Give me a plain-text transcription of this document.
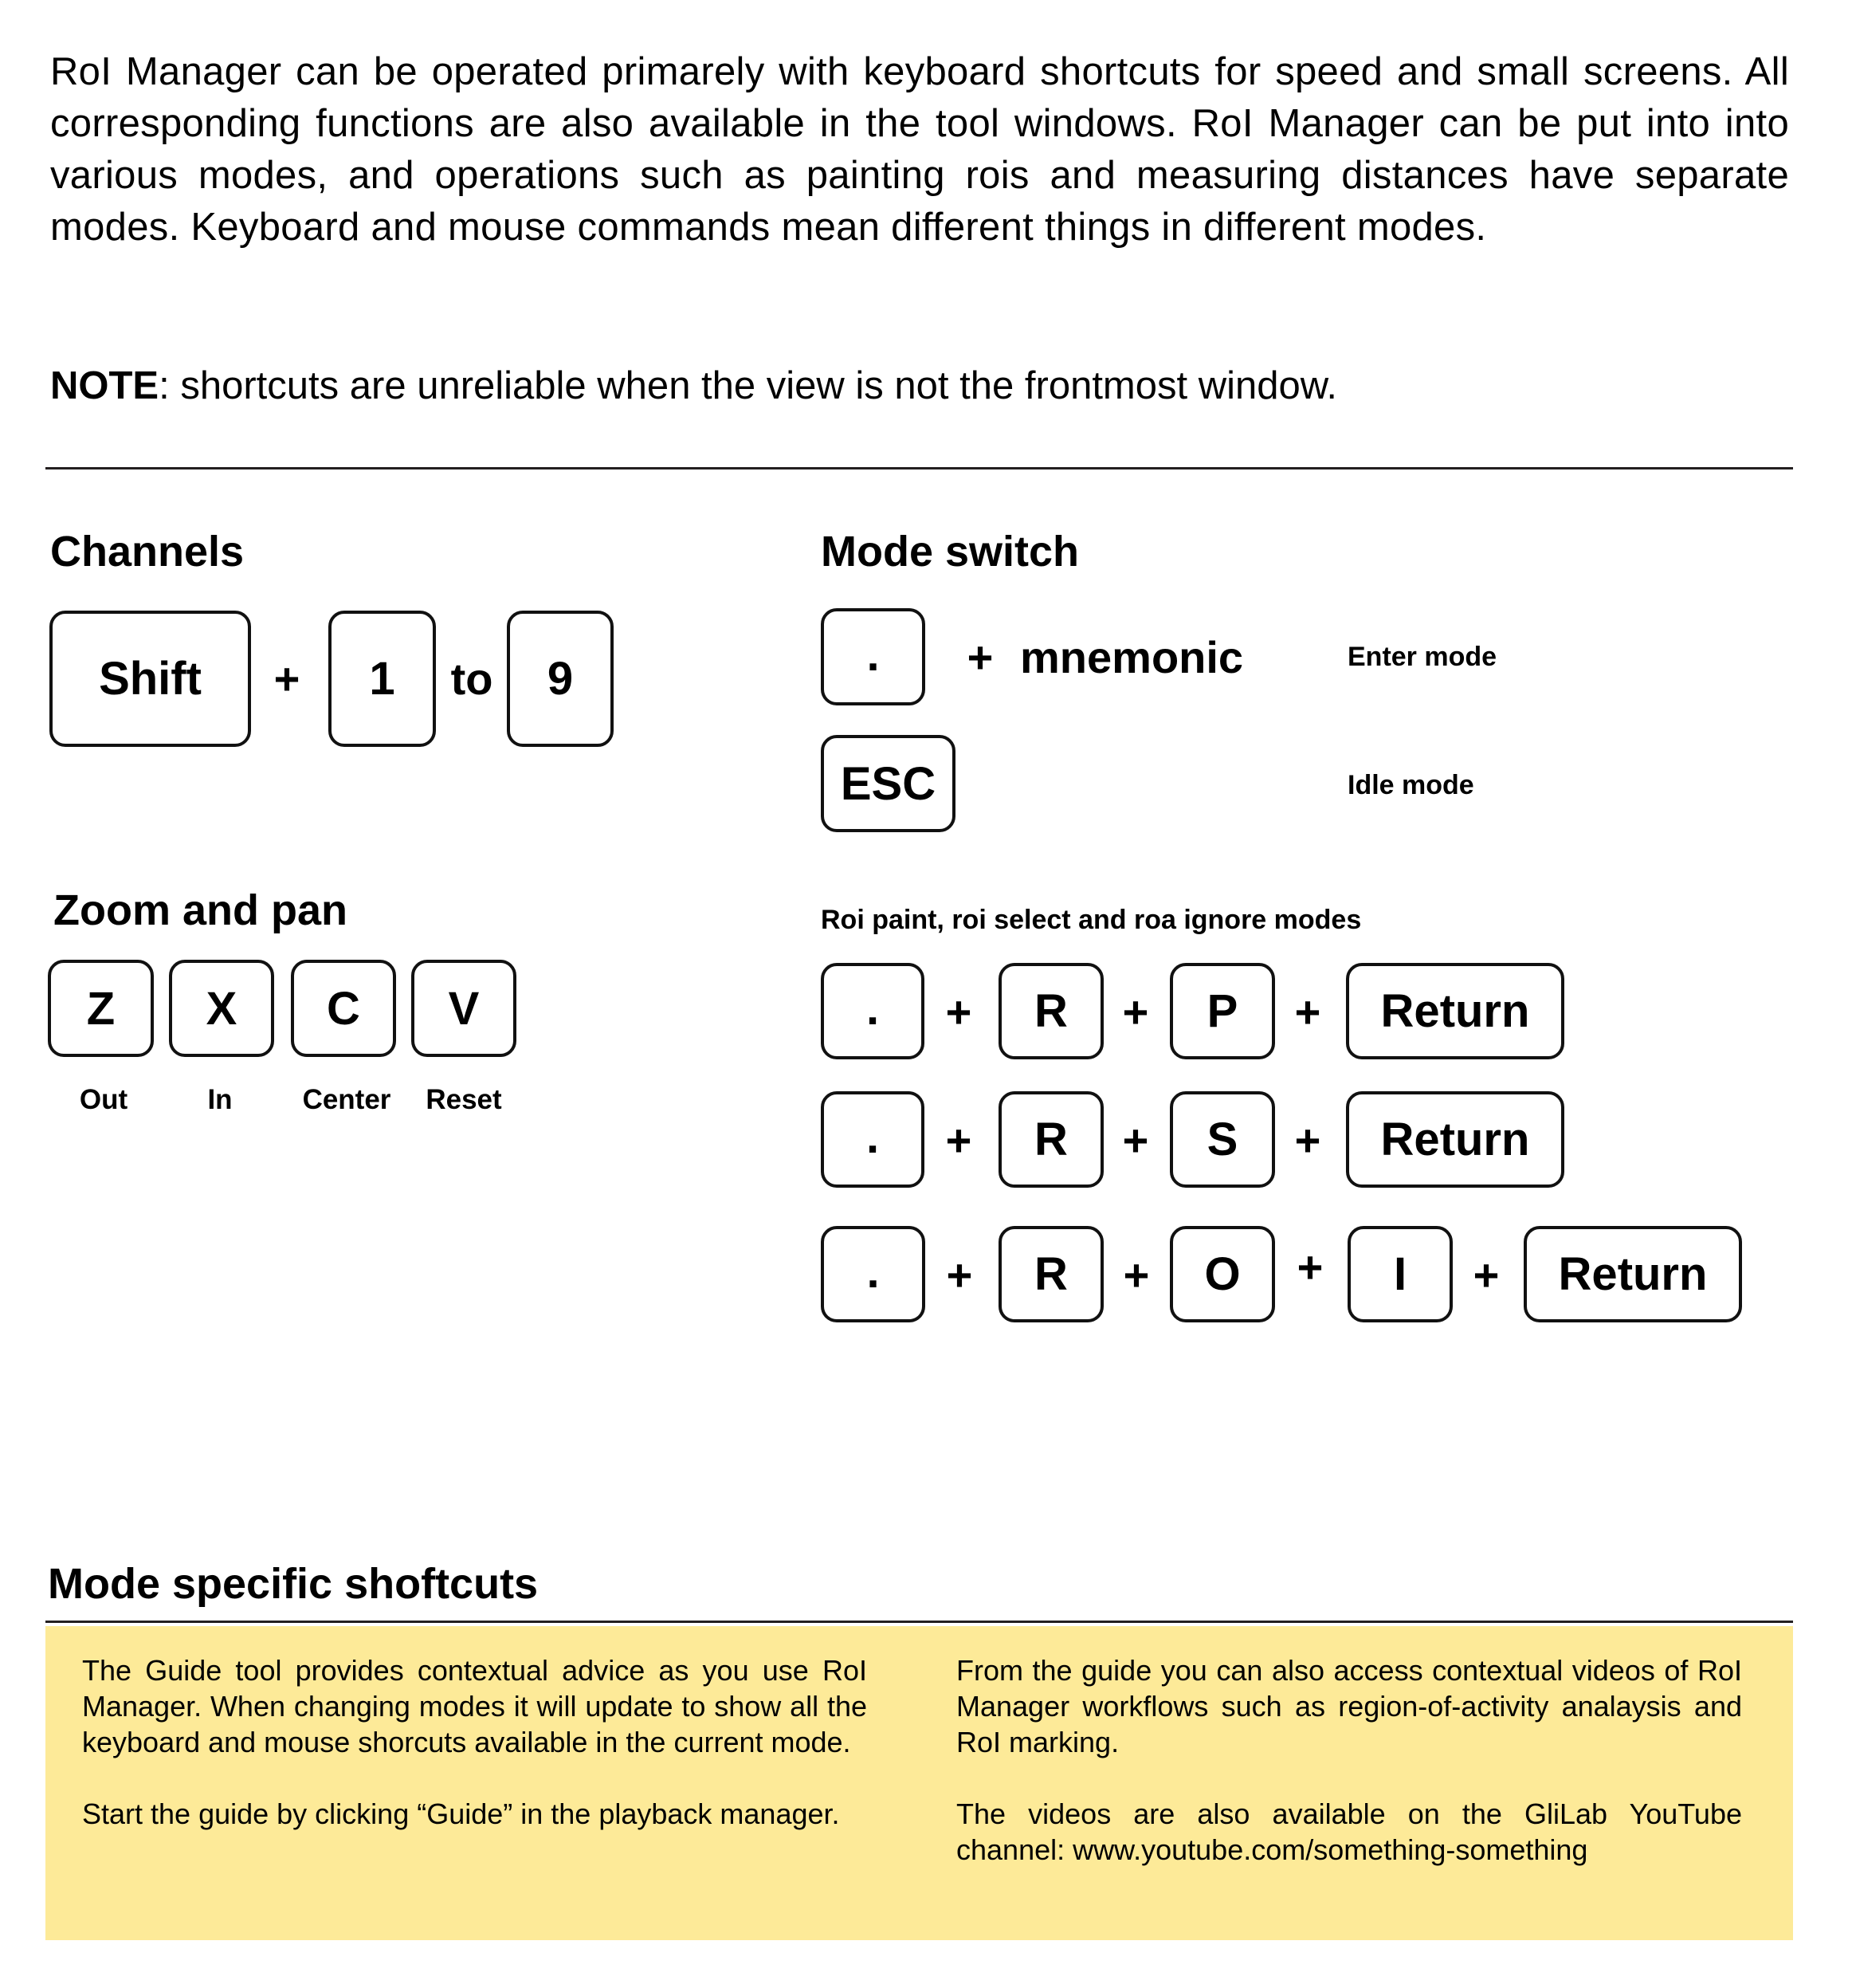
RoI Manager can be operated primarely with keyboard shortcuts for speed and small screens. All corresponding functions are also available in the tool windows. RoI Manager can be put into into various modes, and operations such as painting rois and measuring distances have separate modes. Keyboard and mouse commands mean different things in different modes.
NOTE: shortcuts are unreliable when the view is not the frontmost window.
Channels
Shift	+	1	to	9
Mode switch
.	+ mnemonic	Enter mode
ESC	Idle mode
Zoom and pan
Z	X	C	V
Out	In	Center	Reset
Roi paint, roi select and roa ignore modes
.	+	R	+	P	+	Return
.	+	R	+	S	+	Return
.	+	R	+	O	+	I	+	Return
Mode specific shoftcuts

The Guide tool provides contextual advice as you use RoI Manager. When changing modes it will update to show all the keyboard and mouse shorcuts available in the current mode.

Start the guide by clicking “Guide” in the playback manager.

From the guide you can also access contextual videos of RoI Manager workflows such as region-of-activity analaysis and RoI marking.

The videos are also available on the GliLab YouTube channel: www.youtube.com/something-something
